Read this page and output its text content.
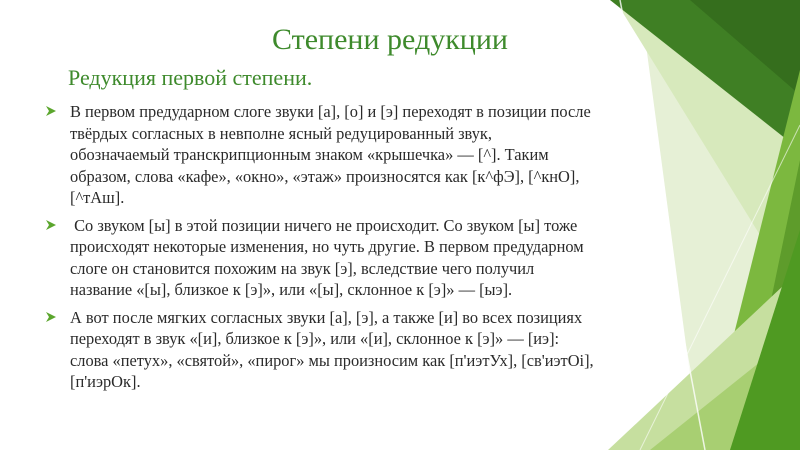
Степени редукции
Редукция первой степени.
В первом предударном слоге звуки [а], [о] и [э] переходят в позиции после твёрдых согласных в невполне ясный редуцированный звук, обозначаемый транскрипционным знаком «крышечка» — [^]. Таким образом, слова «кафе», «окно», «этаж» произносятся как [к^фЭ], [^кнО], [^тАш].
Со звуком [ы] в этой позиции ничего не происходит. Со звуком [ы] тоже происходят некоторые изменения, но чуть другие. В первом предударном слоге он становится похожим на звук [э], вследствие чего получил название «[ы], близкое к [э]», или «[ы], склонное к [э]» — [ыэ].
А вот после мягких согласных звуки [а], [э], а также [и] во всех позициях переходят в звук «[и], близкое к [э]», или «[и], склонное к [э]» — [иэ]: слова «петух», «святой», «пирог» мы произносим как [п'иэтУх], [св'иэтОi], [п'иэрОк].
